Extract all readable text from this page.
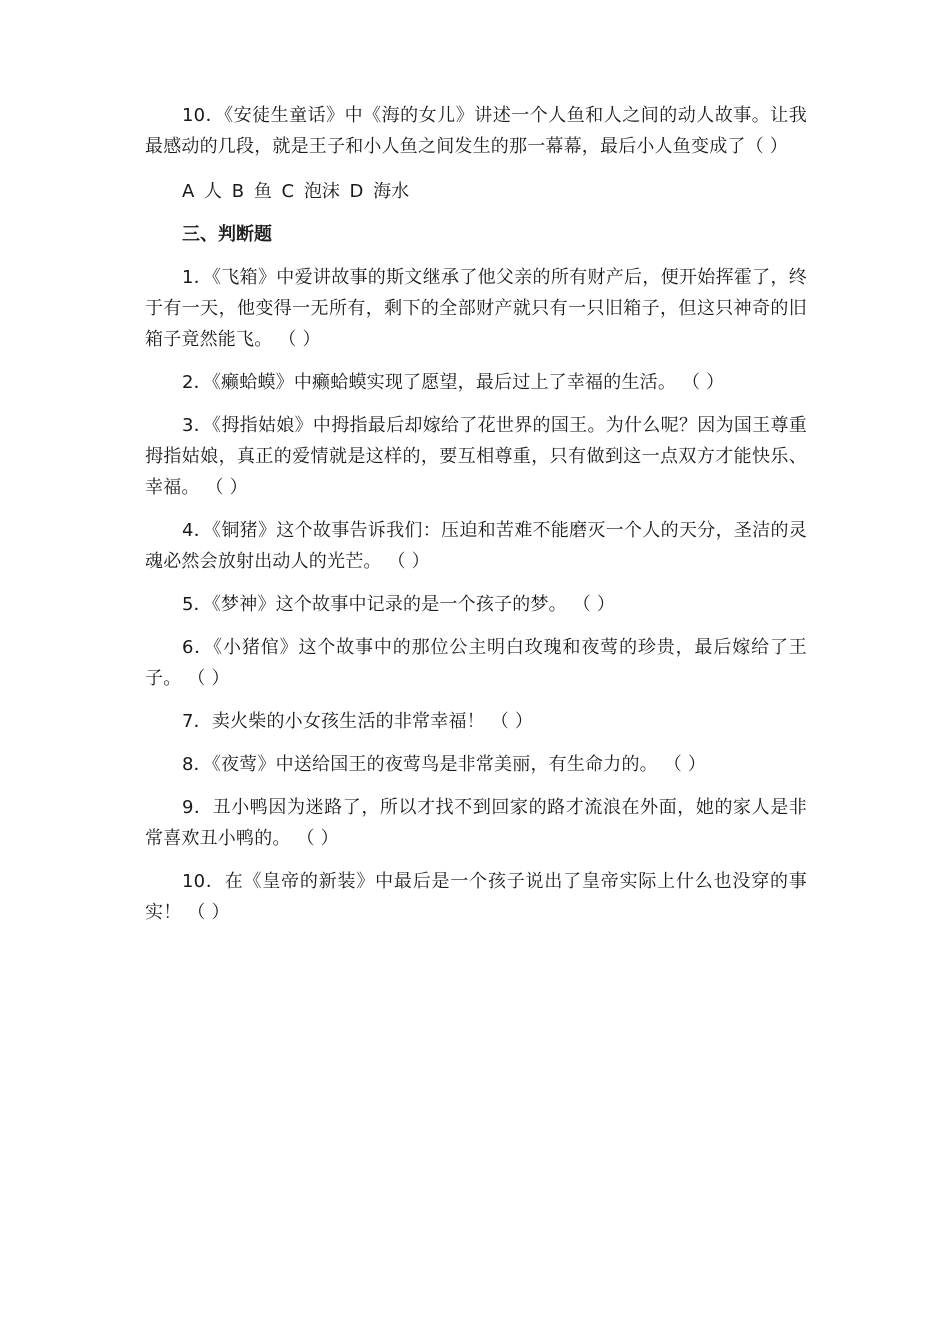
10．《安徒生童话》中《海的女儿》讲述一个人鱼和人之间的动人故事。让我最感动的几段，就是王子和小人鱼之间发生的那一幕幕，最后小人鱼变成了（ ）

A 人 B 鱼 C 泡沫 D 海水

三、判断题

1．《飞箱》中爱讲故事的斯文继承了他父亲的所有财产后，便开始挥霍了，终于有一天，他变得一无所有，剩下的全部财产就只有一只旧箱子，但这只神奇的旧箱子竟然能飞。 （ ）

2．《癞蛤蟆》中癞蛤蟆实现了愿望，最后过上了幸福的生活。 （ ）

3．《拇指姑娘》中拇指最后却嫁给了花世界的国王。为什么呢？因为国王尊重拇指姑娘，真正的爱情就是这样的，要互相尊重，只有做到这一点双方才能快乐、幸福。 （ ）

4．《铜猪》这个故事告诉我们：压迫和苦难不能磨灭一个人的天分，圣洁的灵魂必然会放射出动人的光芒。 （ ）

5．《梦神》这个故事中记录的是一个孩子的梦。 （ ）

6．《小猪倌》这个故事中的那位公主明白玫瑰和夜莺的珍贵，最后嫁给了王子。 （ ）

7．卖火柴的小女孩生活的非常幸福！ （ ）

8．《夜莺》中送给国王的夜莺鸟是非常美丽，有生命力的。 （ ）

9．丑小鸭因为迷路了，所以才找不到回家的路才流浪在外面，她的家人是非常喜欢丑小鸭的。 （ ）

10．在《皇帝的新装》中最后是一个孩子说出了皇帝实际上什么也没穿的事实！ （ ）
